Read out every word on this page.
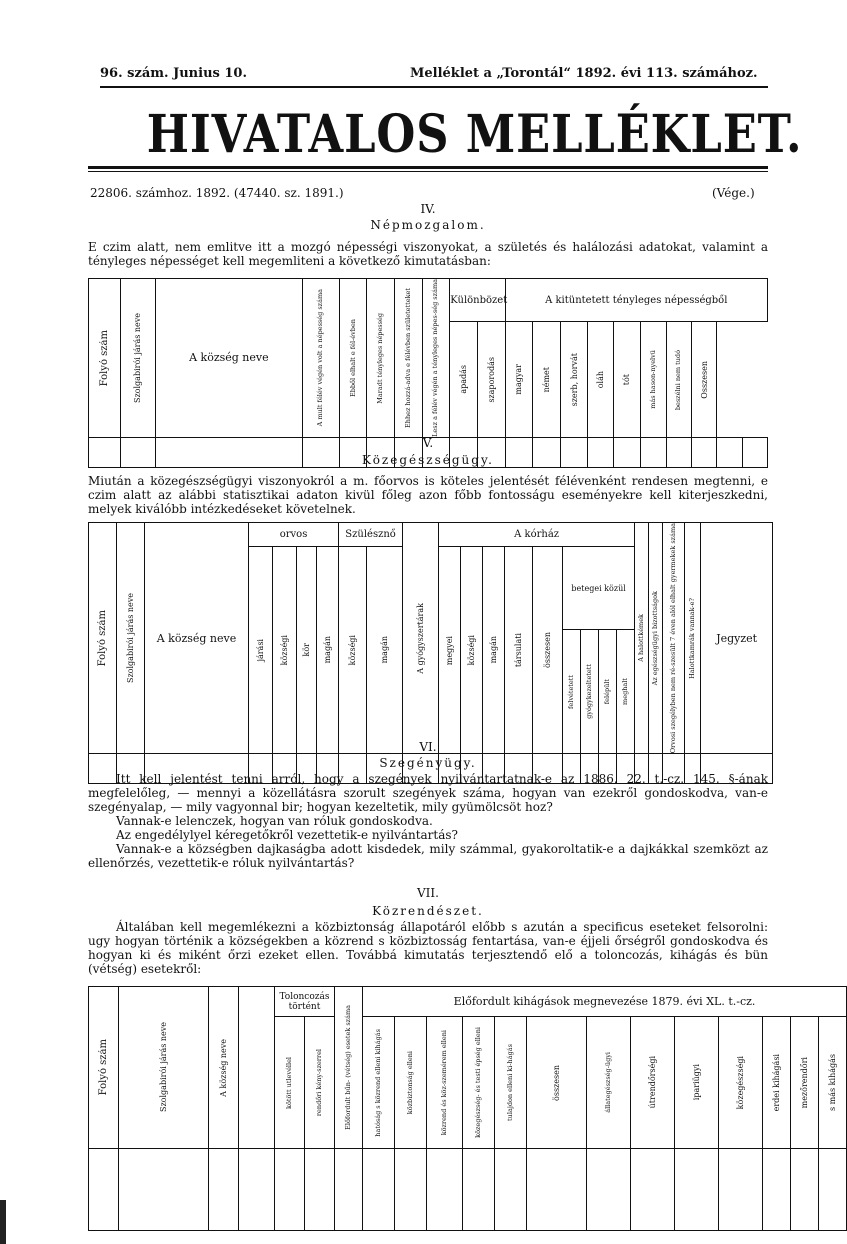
96. szám. Junius 10.	Melléklet a „Torontál“ 1892. évi 113. számához.
HIVATALOS MELLÉKLET.
22806. számhoz. 1892. (47440. sz. 1891.)	(Vége.)
IV.
Népmozgalom.

E czim alatt, nem emlitve itt a mozgó népességi viszonyokat, a születés és halálozási adatokat, valamint a tényleges népességet kell megemliteni a következő kimutatásban:

Folyó szám	Szolgabirói járás neve	A község neve	A mult félév végén volt a népesség száma	Ebből elhalt e fél-évben	Maradt tényleges népesség	Ehhez hozzá-adva e félévben születetteket	Lesz a félév végén a tényleges népes-ség száma	Különbözet		A kitüntetett tényleges népességből									

								apadás	szaporodás	magyar	német	szerb, horvát	oláh	tót	más hason-nyelvü	beszélni nem tudó	Összesen		

V.
Közegészségügy.

Miután a közegészségügyi viszonyokról a m. főorvos is köteles jelentését félévenként rendesen megtenni, e czim alatt az alábbi statisztikai adaton kivül főleg azon főbb fontosságu eseményekre kell kiterjeszkedni, melyek kiválóbb intézkedéseket követelnek.

Folyó szám	Szolgabirói járás neve	A község neve	orvos				Szülésznő		A gyógyszertárak	A kórház									A halottkémek	Az egészségügyi bizottságok	Orvosi szegélyben nem ré-szesült 7 éven alól elhalt gyermekek száma	Halottkamrák vannak-e?	Jegyzet

			járási	községi	kör	magán	községi	magán		megyei	községi	magán	társulati	összesen	betegei közül								

															felvétetett	gyógykezeltetett	felépült	meghalt					

VI.
Szegényügy.

Itt kell jelentést tenni arról, hogy a szegények nyilvántartatnak-e az 1886. 22. t.-cz. 145. §-ának megfelelőleg, — mennyi a közellátásra szorult szegények száma, hogyan van ezekről gondoskodva, van-e szegényalap, — mily vagyonnal bir; hogyan kezeltetik, mily gyümölcsöt hoz?

Vannak-e lelenczek, hogyan van róluk gondoskodva.

Az engedélylyel kéregetőkről vezettetik-e nyilvántartás?

Vannak-e a községben dajkaságba adott kisdedek, mily számmal, gyakoroltatik-e a dajkákkal szemközt az ellenőrzés, vezettetik-e róluk nyilvántartás?

VII.
Közrendészet.

Általában kell megemlékezni a közbiztonság állapotáról előbb s azután a specificus eseteket felsorolni: ugy hogyan történik a községekben a közrend s közbiztosság fentartása, van-e éjjeli őrségről gondoskodva és hogyan ki és miként őrzi ezeket ellen. Továbbá kimutatás terjesztendő elő a toloncozás, kihágás és bün (vétség) esetekről:

Folyó szám	Szolgabirói járás neve	A község neve		Toloncozás történt		Előfordult bűn- (vétség) esetek száma	Előfordult kihágások megnevezése 1879. évi XL. t.-cz.												

				kötött utlevéllel	rendőri kény-szerrel		hatóság s közrend elleni kihágás	közbiztonság elleni	közrend és köz-szemérem elleni	közegészség- és testi épség elleni	tulajdon elleni ki-hágás	összesen	állategészség-ügyi	útrendőrségi	ipariügyi	közegészségi	erdei kihágási	mezőrendőri	s más kihágás
